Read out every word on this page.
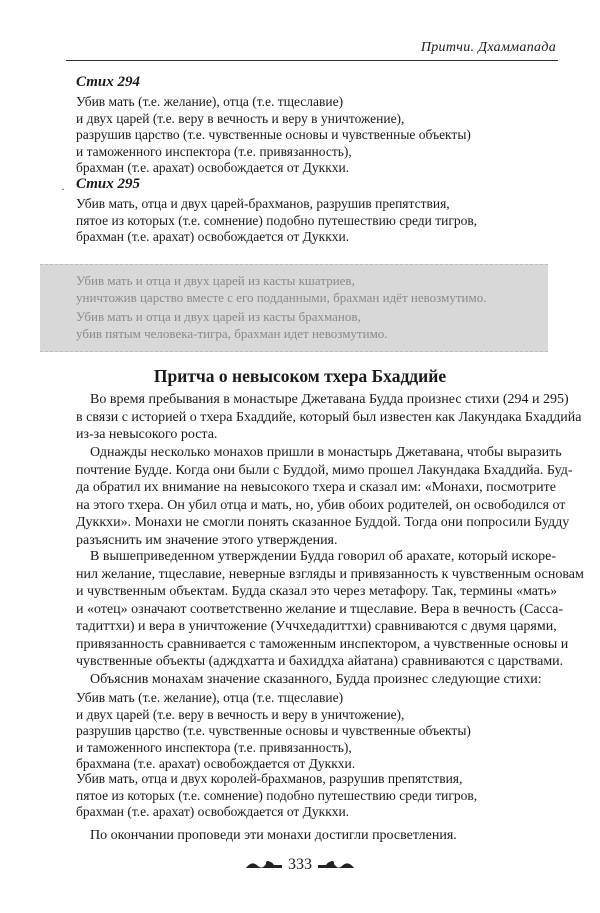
Притчи. Дхаммапада
Стих 294
Убив мать (т.е. желание), отца (т.е. тщеславие)
и двух царей (т.е. веру в вечность и веру в уничтожение),
разрушив царство (т.е. чувственные основы и чувственные объекты)
и таможенного инспектора (т.е. привязанность),
брахман (т.е. арахат) освобождается от Дуккхи.
· Стих 295
Убив мать, отца и двух царей-брахманов, разрушив препятствия,
пятое из которых (т.е. сомнение) подобно путешествию среди тигров,
брахман (т.е. арахат) освобождается от Дуккхи.
Убив мать и отца и двух царей из касты кшатриев,
уничтожив царство вместе с его подданными, брахман идёт невозмутимо.
Убив мать и отца и двух царей из касты брахманов,
убив пятым человека-тигра, брахман идет невозмутимо.
Притча о невысоком тхера Бхаддийе
Во время пребывания в монастыре Джетавана Будда произнес стихи (294 и 295)
в связи с историей о тхера Бхаддийе, который был известен как Лакундака Бхаддийа
из-за невысокого роста.
Однажды несколько монахов пришли в монастырь Джетавана, чтобы выразить
почтение Будде. Когда они были с Буддой, мимо прошел Лакундака Бхаддийа. Буд-
да обратил их внимание на невысокого тхера и сказал им: «Монахи, посмотрите
на этого тхера. Он убил отца и мать, но, убив обоих родителей, он освободился от
Дуккхи». Монахи не смогли понять сказанное Буддой. Тогда они попросили Будду
разъяснить им значение этого утверждения.
В вышеприведенном утверждении Будда говорил об арахате, который искоре-
нил желание, тщеславие, неверные взгляды и привязанность к чувственным основам
и чувственным объектам. Будда сказал это через метафору. Так, термины «мать»
и «отец» означают соответственно желание и тщеславие. Вера в вечность (Сасса-
тадиттхи) и вера в уничтожение (Уччхедадиттхи) сравниваются с двумя царями,
привязанность сравнивается с таможенным инспектором, а чувственные основы и
чувственные объекты (адждхаттa и бахиддха айатана) сравниваются с царствами.
Объяснив монахам значение сказанного, Будда произнес следующие стихи:
Убив мать (т.е. желание), отца (т.е. тщеславие)
и двух царей (т.е. веру в вечность и веру в уничтожение),
разрушив царство (т.е. чувственные основы и чувственные объекты)
и таможенного инспектора (т.е. привязанность),
брахмана (т.е. арахат) освобождается от Дуккхи.
Убив мать, отца и двух королей-брахманов, разрушив препятствия,
пятое из которых (т.е. сомнение) подобно путешествию среди тигров,
брахман (т.е. арахат) освобождается от Дуккхи.
По окончании проповеди эти монахи достигли просветления.
333
